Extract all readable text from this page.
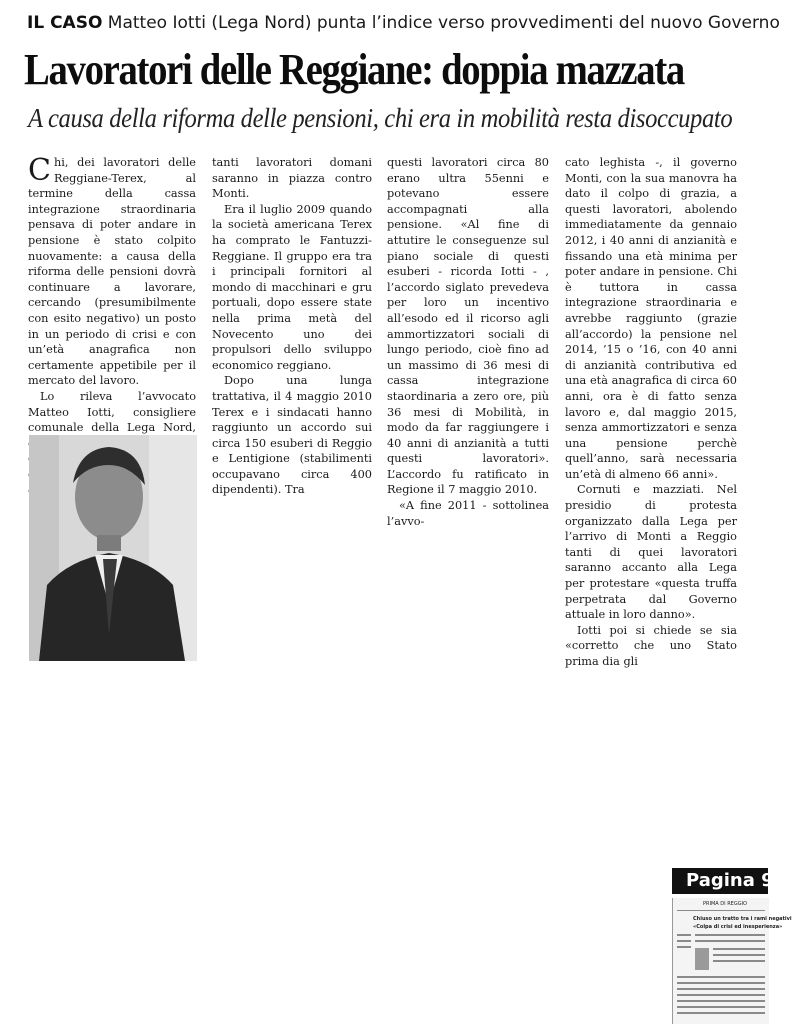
IL CASO Matteo Iotti (Lega Nord) punta l’indice verso provvedimenti del nuovo Governo
Lavoratori delle Reggiane: doppia mazzata
A causa della riforma delle pensioni, chi era in mobilità resta disoccupato

Chi, dei lavoratori delle Reggiane-Terex, al termine della cassa integrazione straordinaria pensava di poter andare in pensione è stato colpito nuovamente: a causa della riforma delle pensioni dovrà continuare a lavorare, cercando (presumibilmente con esito negativo) un posto in un periodo di crisi e con un’età anagrafica non certamente appetibile per il mercato del lavoro.

Lo rileva l’avvocato Matteo Iotti, consigliere comunale della Lega Nord,

tanti lavoratori domani saranno in piazza contro Monti.

Era il luglio 2009 quando la società americana Terex ha comprato le Fantuzzi-Reggiane. Il gruppo era tra i principali fornitori al mondo di macchinari e gru portuali, dopo essere state nella prima metà del Novecento uno dei propulsori dello sviluppo economico reggiano.

Dopo una lunga trattativa, il 4 maggio 2010 Terex e i sindacati hanno raggiunto un accordo sui circa 150 esuberi di Reggio e Lentigione (stabilimenti occupavano circa 400 dipendenti). Tra

questi lavoratori circa 80 erano ultra 55enni e potevano essere accompagnati alla pensione. «Al fine di attutire le conseguenze sul piano sociale di questi esuberi - ricorda Iotti - , l’accordo siglato prevedeva per loro un incentivo all’esodo ed il ricorso agli ammortizzatori sociali di lungo periodo, cioè fino ad un massimo di 36 mesi di cassa integrazione staordinaria a zero ore, più 36 mesi di Mobilità, in modo da far raggiungere i 40 anni di anzianità a tutti questi lavoratori». L’accordo fu ratificato in Regione il 7 maggio 2010.

«A fine 2011 - sottolinea l’avvo-

cato leghista -, il governo Monti, con la sua manovra ha dato il colpo di grazia, a questi lavoratori, abolendo immediatamente da gennaio 2012, i 40 anni di anzianità e fissando una età minima per poter andare in pensione. Chi è tuttora in cassa integrazione straordinaria e avrebbe raggiunto (grazie all’accordo) la pensione nel 2014, ’15 o ’16, con 40 anni di anzianità contributiva ed una età anagrafica di circa 60 anni, ora è di fatto senza lavoro e, dal maggio 2015, senza ammortizzatori e senza una pensione perchè quell’anno, sarà necessaria un’età di almeno 66 anni».

Cornuti e mazziati. Nel presidio di protesta organizzato dalla Lega per l’arrivo di Monti a Reggio tanti di quei lavoratori saranno accanto alla Lega per protestare «questa truffa perpetrata dal Governo attuale in loro danno».

Iotti poi si chiede se sia «corretto che uno Stato prima dia gli

Pagina 9
PRIMA DI REGGIO
Chiuso un tratto tra i rami negativi
«Colpa di crisi ed inesperienza»
